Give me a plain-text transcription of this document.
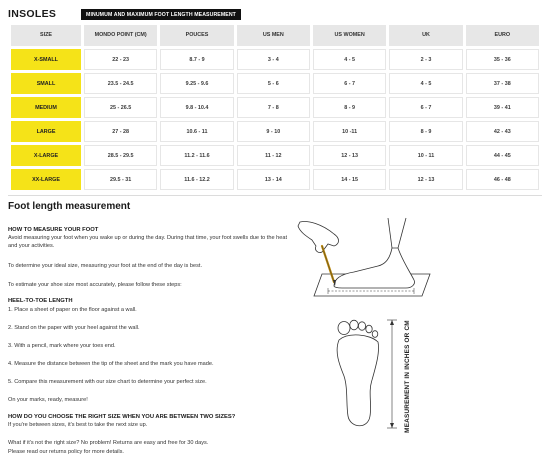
INSOLES	MINUMUM AND MAXIMUM FOOT LENGTH MEASUREMENT
SIZE	MONDO POINT (CM)	POUCES	US MEN	US WOMEN	UK	EURO
X-SMALL	22 - 23	8.7 - 9	3 - 4	4 - 5	2 - 3	35 - 36
SMALL	23.5 - 24.5	9.25 - 9.6	5 - 6	6 - 7	4 - 5	37 - 38
MEDIUM	25 - 26.5	9.8 - 10.4	7 - 8	8 - 9	6 - 7	39 - 41
LARGE	27 - 28	10.6 - 11	9 - 10	10 -11	8 - 9	42 - 43
X-LARGE	28.5 - 29.5	11.2 - 11.6	11 - 12	12 - 13	10 - 11	44 - 45
XX-LARGE	29.5 - 31	11.6 - 12.2	13 - 14	14 - 15	12 - 13	46 - 48
Foot length measurement
HOW TO MEASURE YOUR FOOT
Avoid measuring your foot when you wake up or during the day. During that time, your foot swells due to the heat and your activities.
To determine your ideal size, measuring your foot at the end of the day is best.
To estimate your shoe size most accurately, please follow these steps:
HEEL-TO-TOE LENGTH
1. Place a sheet of paper on the floor against a wall.
2. Stand on the paper with your heel against the wall.
3. With a pencil, mark where your toes end.
4. Measure the distance between the tip of the sheet and the mark you have made.
5. Compare this measurement with our size chart to determine your perfect size.
On your marks, ready, measure!
HOW DO YOU CHOOSE THE RIGHT SIZE WHEN YOU ARE BETWEEN TWO SIZES?
If you're between sizes, it's best to take the next size up.
What if it's not the right size? No problem! Returns are easy and free for 30 days.
Please read our returns policy for more details.
MEASUREMENT IN INCHES OR CM
